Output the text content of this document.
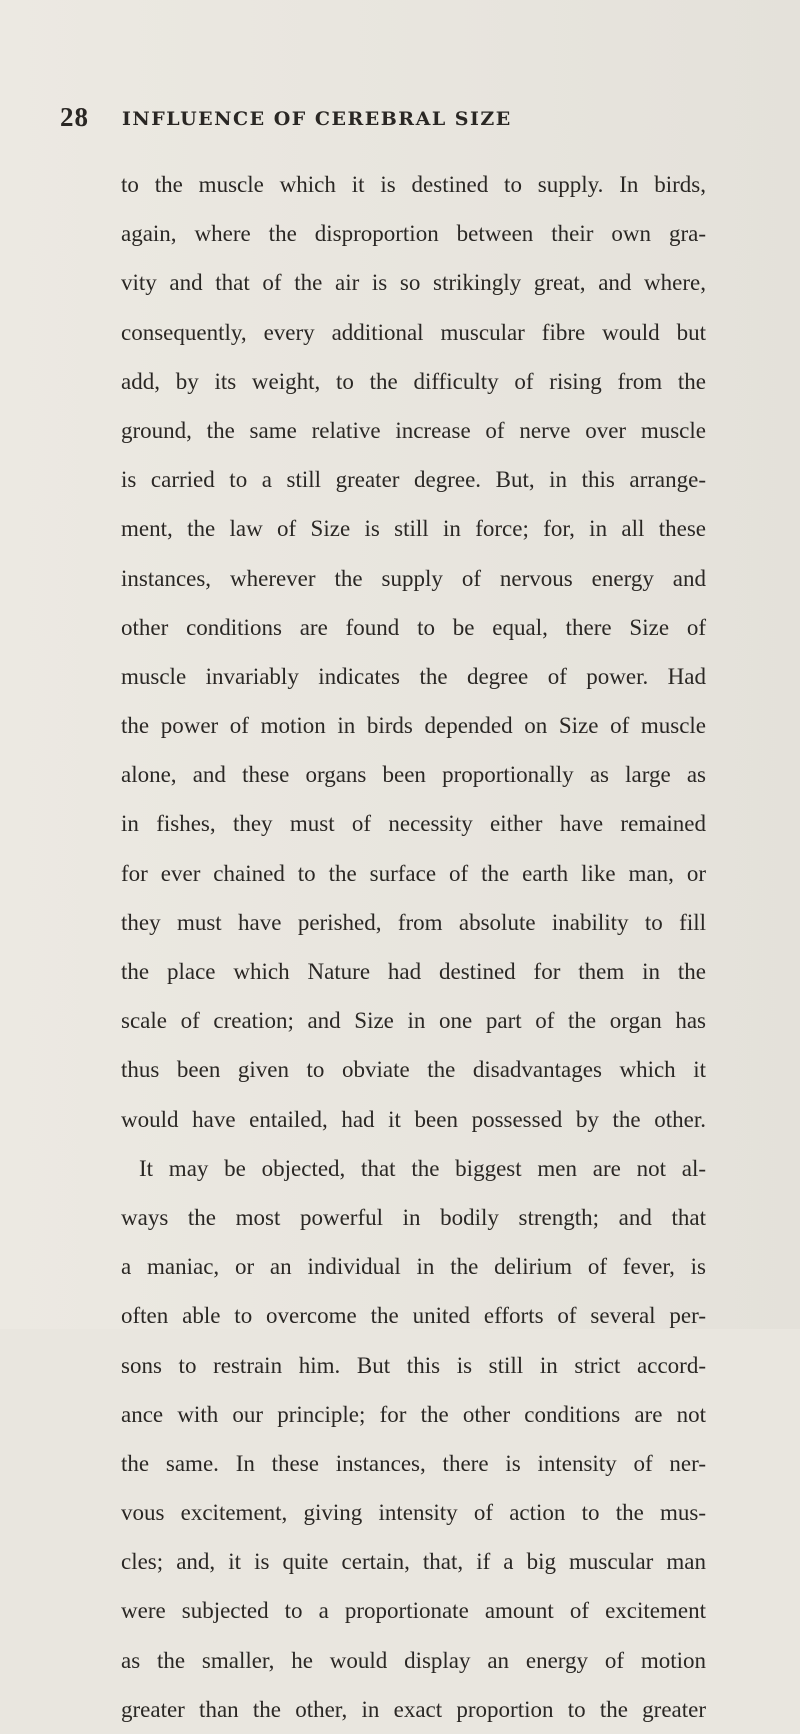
28 INFLUENCE OF CEREBRAL SIZE
to the muscle which it is destined to supply. In birds,
again, where the disproportion between their own gra-
vity and that of the air is so strikingly great, and where,
consequently, every additional muscular fibre would but
add, by its weight, to the difficulty of rising from the
ground, the same relative increase of nerve over muscle
is carried to a still greater degree. But, in this arrange-
ment, the law of Size is still in force; for, in all these
instances, wherever the supply of nervous energy and
other conditions are found to be equal, there Size of
muscle invariably indicates the degree of power. Had
the power of motion in birds depended on Size of muscle
alone, and these organs been proportionally as large as
in fishes, they must of necessity either have remained
for ever chained to the surface of the earth like man, or
they must have perished, from absolute inability to fill
the place which Nature had destined for them in the
scale of creation; and Size in one part of the organ has
thus been given to obviate the disadvantages which it
would have entailed, had it been possessed by the other.
It may be objected, that the biggest men are not al-
ways the most powerful in bodily strength; and that
a maniac, or an individual in the delirium of fever, is
often able to overcome the united efforts of several per-
sons to restrain him. But this is still in strict accord-
ance with our principle; for the other conditions are not
the same. In these instances, there is intensity of ner-
vous excitement, giving intensity of action to the mus-
cles; and, it is quite certain, that, if a big muscular man
were subjected to a proportionate amount of excitement
as the smaller, he would display an energy of motion
greater than the other, in exact proportion to the greater
